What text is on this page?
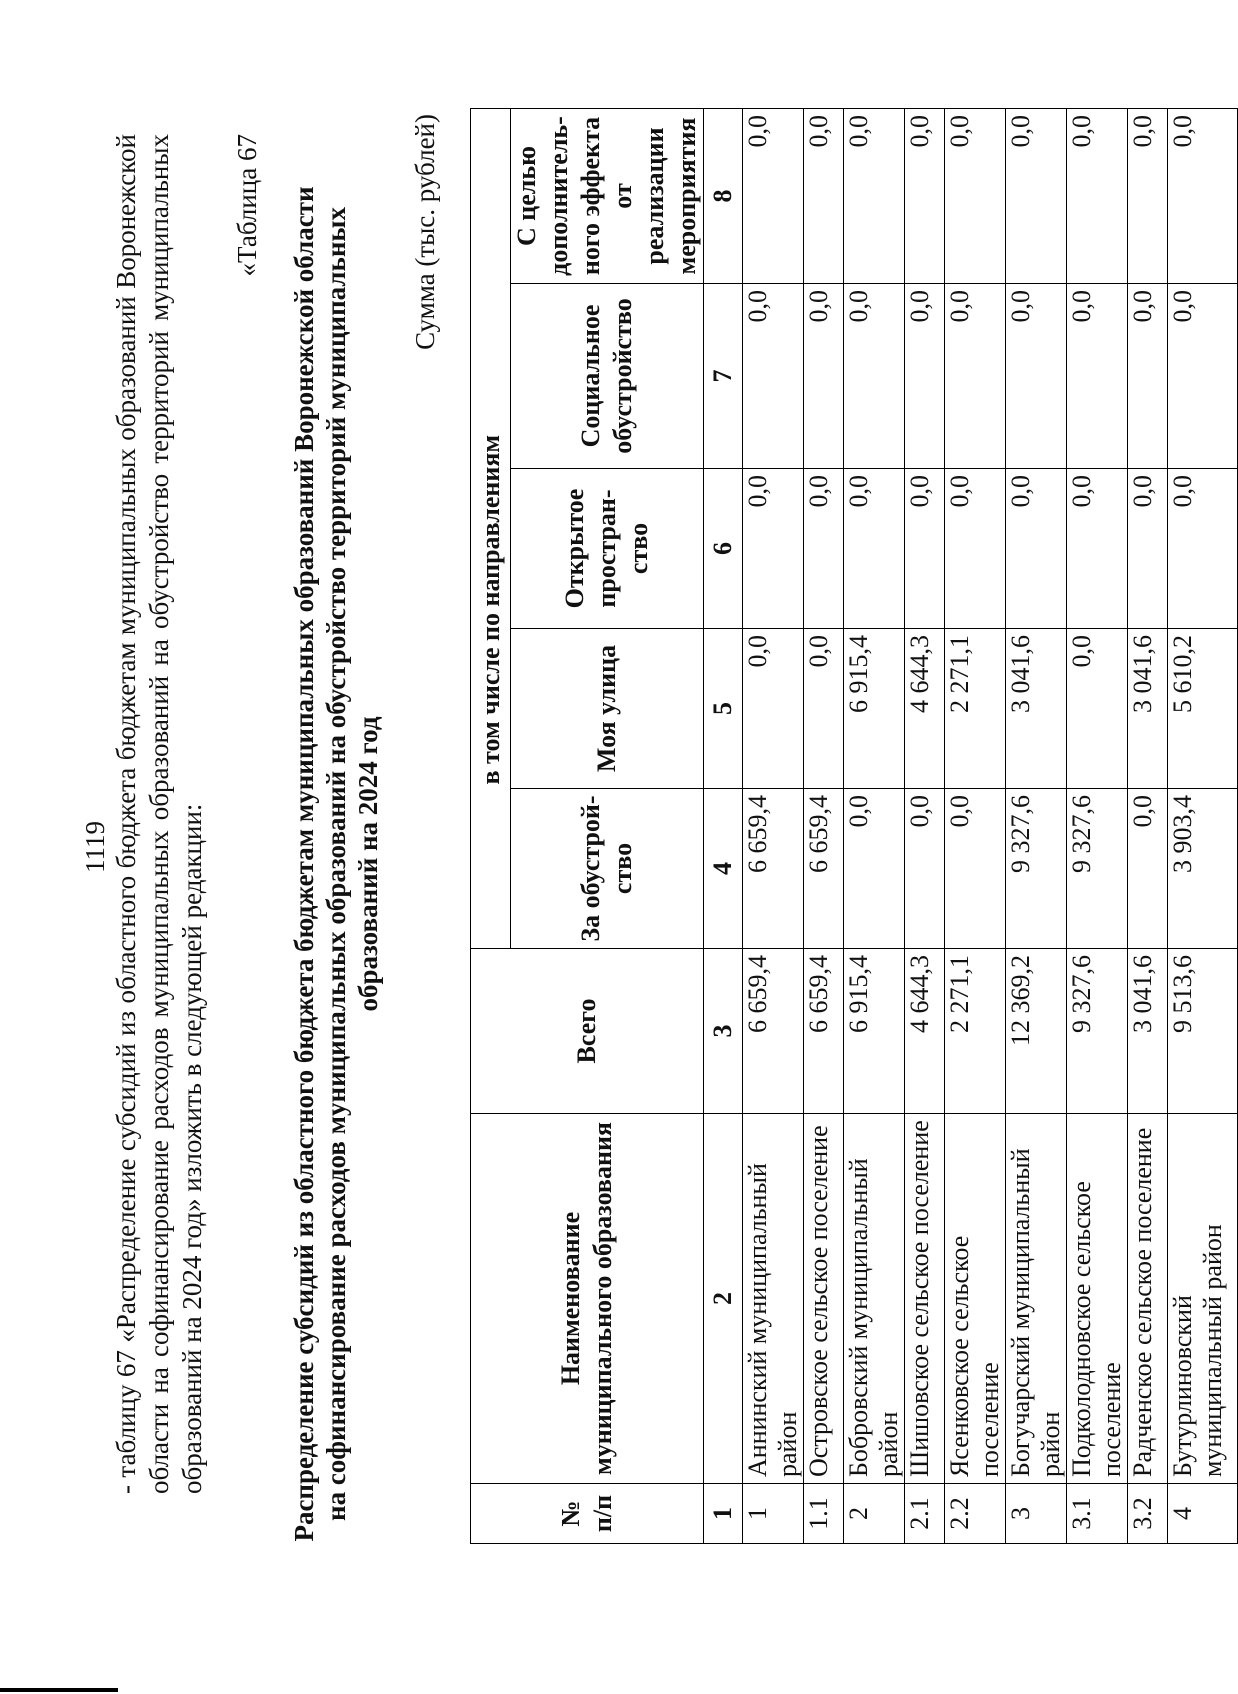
1119 - таблицу 67 «Распределение субсидий из областного бюджета бюджетам муниципальных образований Воронежской области на софинансирование расходов муниципальных образований на обустройство территорий муниципальных образований на 2024 год» изложить в следующей редакции:
«Таблица 67 Распределение субсидий из областного бюджета бюджетам муниципальных образований Воронежской области на софинансирование расходов муниципальных образований на обустройство территорий муниципальных образований на 2024 год
Сумма (тыс. рублей)
№ п/п	Наименование муниципального образования	Всего		в том числе по направлениям			
			За обустрой-ство	Моя улица	Открытое простран-ство	Социальное обустройство	С целью дополнитель-ного эффекта от реализации мероприятия
1	2	3	4	5	6	7	8
1	Аннинский муниципальный район	6 659,4	6 659,4	0,0	0,0	0,0	0,0
1.1	Островское сельское поселение	6 659,4	6 659,4	0,0	0,0	0,0	0,0
2	Бобровский муниципальный район	6 915,4	0,0	6 915,4	0,0	0,0	0,0
2.1	Шишовское сельское поселение	4 644,3	0,0	4 644,3	0,0	0,0	0,0
2.2	Ясенковское сельское поселение	2 271,1	0,0	2 271,1	0,0	0,0	0,0
3	Богучарский муниципальный район	12 369,2	9 327,6	3 041,6	0,0	0,0	0,0
3.1	Подколодновское сельское поселение	9 327,6	9 327,6	0,0	0,0	0,0	0,0
3.2	Радченское сельское поселение	3 041,6	0,0	3 041,6	0,0	0,0	0,0
4	Бутурлиновский муниципальный район	9 513,6	3 903,4	5 610,2	0,0	0,0	0,0
